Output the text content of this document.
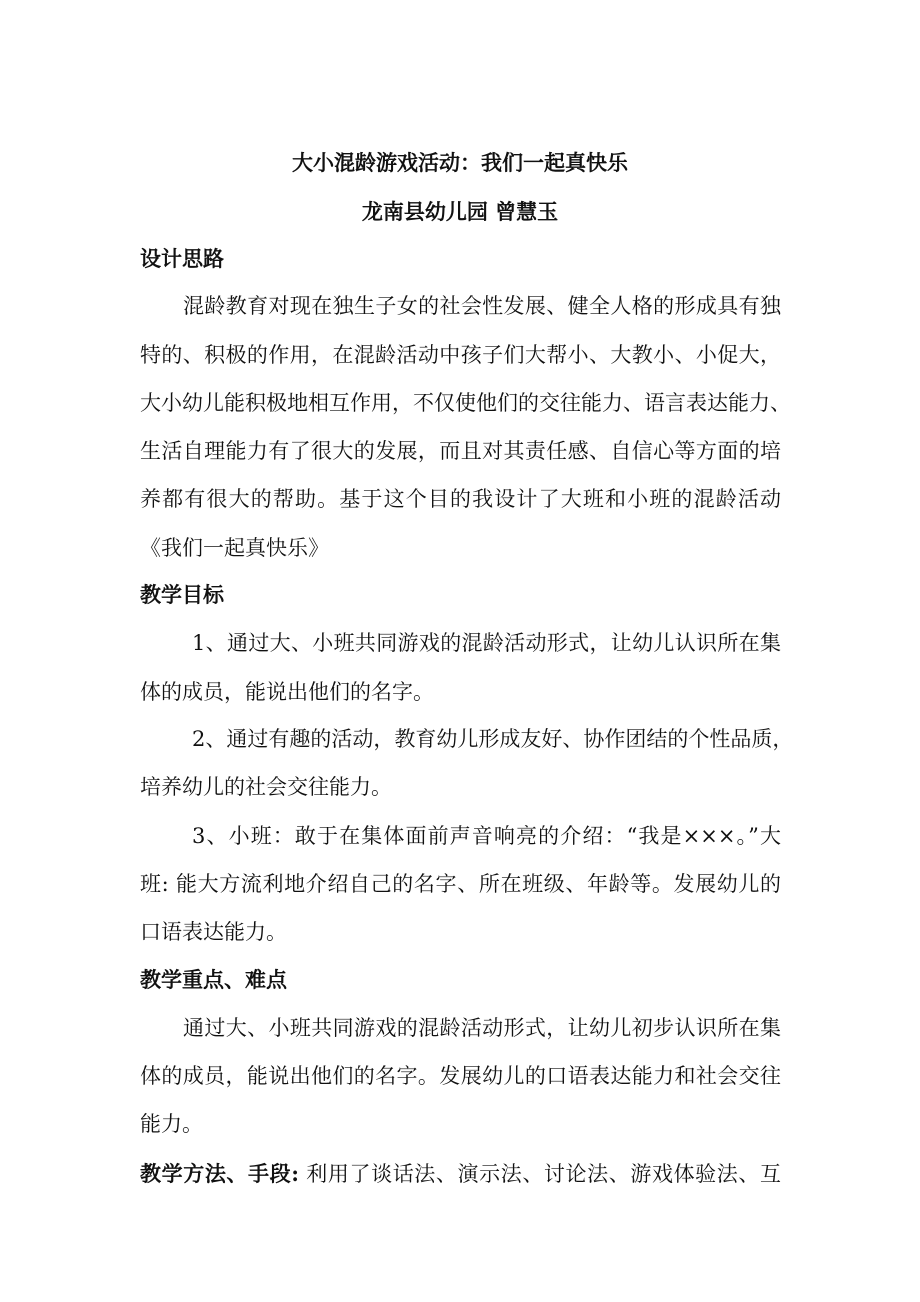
大小混龄游戏活动：我们一起真快乐
龙南县幼儿园 曾慧玉
设计思路
混龄教育对现在独生子女的社会性发展、健全人格的形成具有独
特的、积极的作用，在混龄活动中孩子们大帮小、大教小、小促大，
大小幼儿能积极地相互作用，不仅使他们的交往能力、语言表达能力、
生活自理能力有了很大的发展，而且对其责任感、自信心等方面的培
养都有很大的帮助。基于这个目的我设计了大班和小班的混龄活动
《我们一起真快乐》
教学目标
1、通过大、小班共同游戏的混龄活动形式，让幼儿认识所在集
体的成员，能说出他们的名字。
2、通过有趣的活动，教育幼儿形成友好、协作团结的个性品质，
培养幼儿的社会交往能力。
3、小班：敢于在集体面前声音响亮的介绍：“我是×××。”大
班: 能大方流利地介绍自己的名字、所在班级、年龄等。发展幼儿的
口语表达能力。
教学重点、难点
通过大、小班共同游戏的混龄活动形式，让幼儿初步认识所在集
体的成员，能说出他们的名字。发展幼儿的口语表达能力和社会交往
能力。
教学方法、手段: 利用了谈话法、演示法、讨论法、游戏体验法、互
